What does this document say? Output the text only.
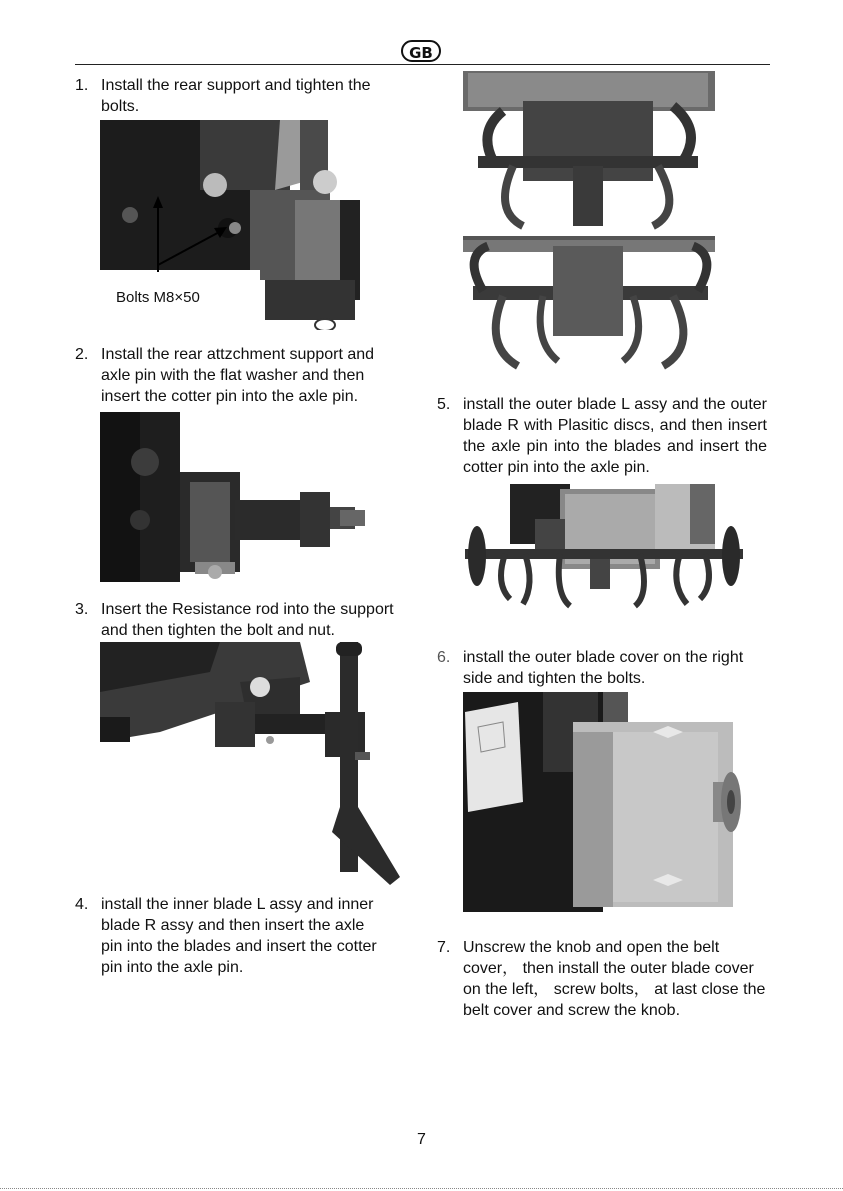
GB
1. Install the rear support and tighten the bolts.
Bolts M8×50
2. Install the rear attzchment support and axle pin with the flat washer and then insert the cotter pin into the axle pin.
3. Insert the Resistance rod into the support and then tighten the bolt and nut.
4. install the inner blade L assy and inner blade R assy and then insert the axle pin into the blades and insert the cotter pin into the axle pin.
5. install the outer blade L assy and the outer blade R with Plasitic discs, and then insert the axle pin into the blades and insert the cotter pin into the axle pin.
6. install the outer blade cover on the right side and tighten the bolts.
7. Unscrew the knob and open the belt cover， then install the outer blade cover on the left， screw bolts， at last close the belt cover and screw the knob.
7
